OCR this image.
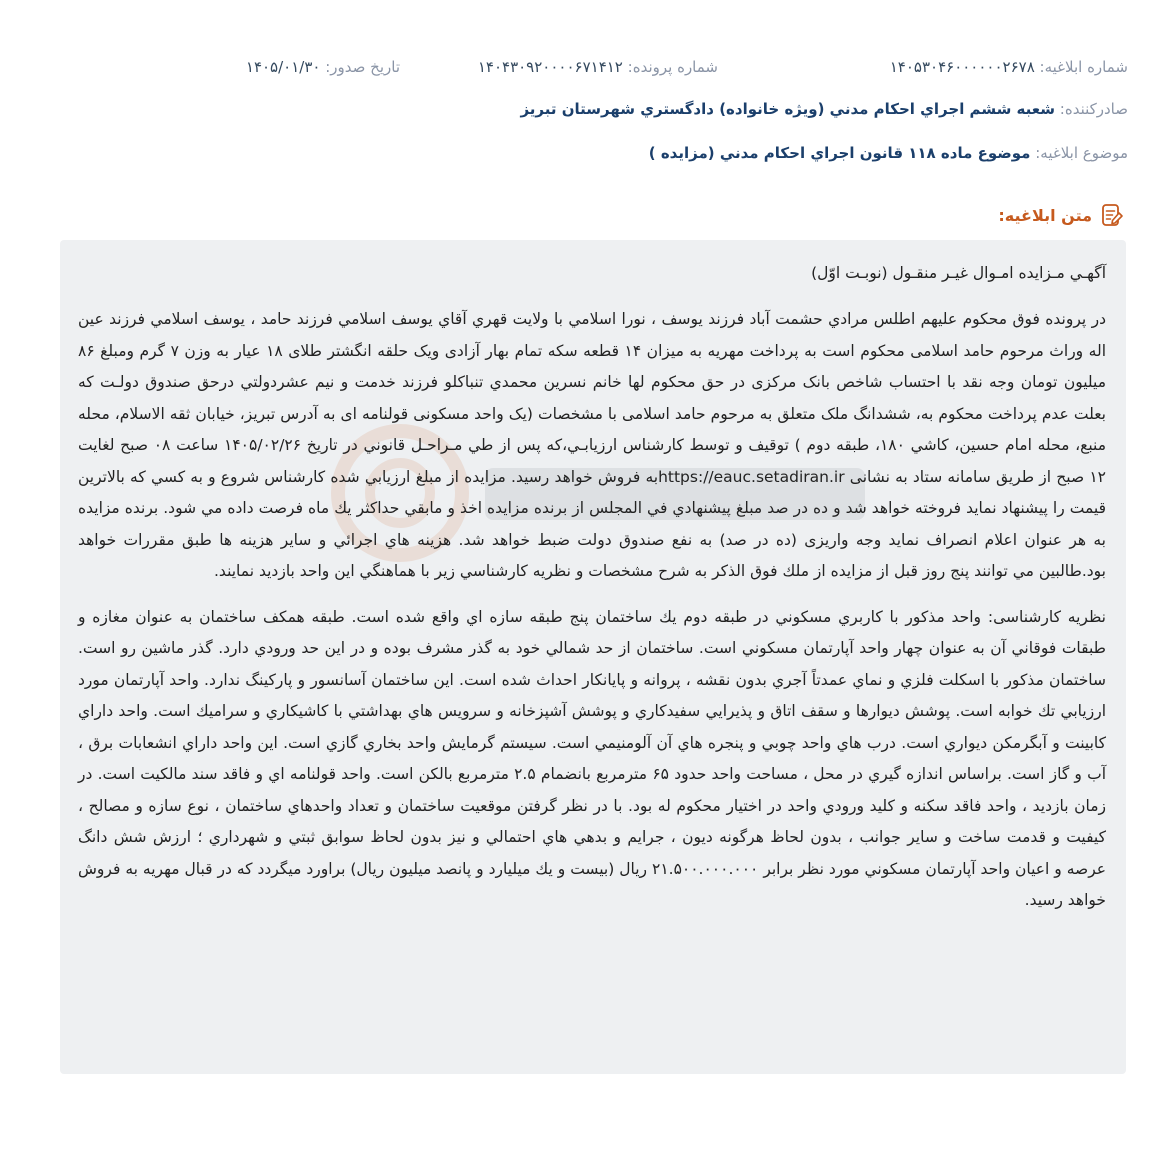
شماره ابلاغیه: ۱۴۰۵۳۰۴۶۰۰۰۰۰۰۲۶۷۸
شماره پرونده: ۱۴۰۴۳۰۹۲۰۰۰۰۶۷۱۴۱۲
تاریخ صدور: ۱۴۰۵/۰۱/۳۰
صادرکننده: شعبه ششم اجراي احكام مدني (ويژه خانواده) دادگستري شهرستان تبريز
موضوع ابلاغیه: موضوع ماده ۱۱۸ قانون اجراي احكام مدني (مزايده )
متن ابلاغیه:
آگهـي مـزايده امـوال غيـر منقـول (نوبـت اوّل)

در پرونده فوق محكوم عليهم اطلس مرادي حشمت آباد فرزند يوسف ، نورا اسلامي با ولايت قهري آقاي يوسف اسلامي فرزند حامد ، يوسف اسلامي فرزند عين اله وراث مرحوم حامد اسلامی محكوم است به پرداخت مهريه به ميزان ۱۴ قطعه سكه تمام بهار آزادی ويک حلقه انگشتر طلای ۱۸ عيار به وزن ۷ گرم ومبلغ ۸۶ ميليون تومان وجه نقد با احتساب شاخص بانک مرکزی در حق محكوم لها خانم نسرين محمدي تنباكلو فرزند خدمت و نيم عشردولتي درحق صندوق دولـت كه بعلت عدم پرداخت محكوم به، ششدانگ ملک متعلق به مرحوم حامد اسلامی با مشخصات (يک واحد مسکونی قولنامه ای به آدرس تبريز، خيابان ثقه الاسلام، محله منبع، محله امام حسين، كاشي ۱۸۰، طبقه دوم ) توقيف و توسط كارشناس ارزيابـي،كه پس از طي مـراحـل قانوني در تاريخ ۱۴۰۵/۰۲/۲۶ ساعت ۰۸ صبح لغايت ۱۲ صبح از طريق سامانه ستاد به نشانی https://eauc.setadiran.irبه فروش خواهد رسيد. مزايده از مبلغ ارزيابي شده كارشناس شروع و به كسي كه بالاترين قيمت را پيشنهاد نمايد فروخته خواهد شد و ده در صد مبلغ پيشنهادي في المجلس از برنده مزايده اخذ و مابقي حداكثر يك ماه فرصت داده مي شود. برنده مزايده به هر عنوان اعلام انصراف نمايد وجه واريزی (ده در صد) به نفع صندوق دولت ضبط خواهد شد. هزينه هاي اجرائي و ساير هزينه ها طبق مقررات خواهد بود.طالبين مي توانند پنج روز قبل از مزايده از ملك فوق الذكر به شرح مشخصات و نظريه كارشناسي زير با هماهنگي اين واحد بازديد نمايند.

نظريه كارشناسی: واحد مذكور با كاربري مسكوني در طبقه دوم يك ساختمان پنج طبقه سازه اي واقع شده است. طبقه همكف ساختمان به عنوان مغازه و طبقات فوقاني آن به عنوان چهار واحد آپارتمان مسكوني است. ساختمان از حد شمالي خود به گذر مشرف بوده و در اين حد ورودي دارد. گذر ماشين رو است. ساختمان مذكور با اسكلت فلزي و نماي عمدتاً آجري بدون نقشه ، پروانه و پايانكار احداث شده است. اين ساختمان آسانسور و پاركينگ ندارد. واحد آپارتمان مورد ارزيابي تك خوابه است. پوشش ديوارها و سقف اتاق و پذيرايي سفيدكاري و پوشش آشپزخانه و سرويس هاي بهداشتي با كاشيكاري و سراميك است. واحد داراي كابينت و آبگرمكن ديواري است. درب هاي واحد چوبي و پنجره هاي آن آلومنيمي است. سيستم گرمايش واحد بخاري گازي است. اين واحد داراي انشعابات برق ، آب و گاز است. براساس اندازه گيري در محل ، مساحت واحد حدود ۶۵ مترمربع بانضمام ۲.۵ مترمربع بالكن است. واحد قولنامه اي و فاقد سند مالكيت است. در زمان بازديد ، واحد فاقد سكنه و كليد ورودي واحد در اختيار محكوم له بود. با در نظر گرفتن موقعيت ساختمان و تعداد واحدهاي ساختمان ، نوع سازه و مصالح ، كيفيت و قدمت ساخت و ساير جوانب ، بدون لحاظ هرگونه ديون ، جرايم و بدهي هاي احتمالي و نيز بدون لحاظ سوابق ثبتي و شهرداري ؛ ارزش شش دانگ عرصه و اعيان واحد آپارتمان مسكوني مورد نظر برابر ۲۱.۵۰۰.۰۰۰.۰۰۰ ريال (بيست و يك ميليارد و پانصد ميليون ريال) براورد ميگردد كه در قبال مهريه به فروش خواهد رسيد.
